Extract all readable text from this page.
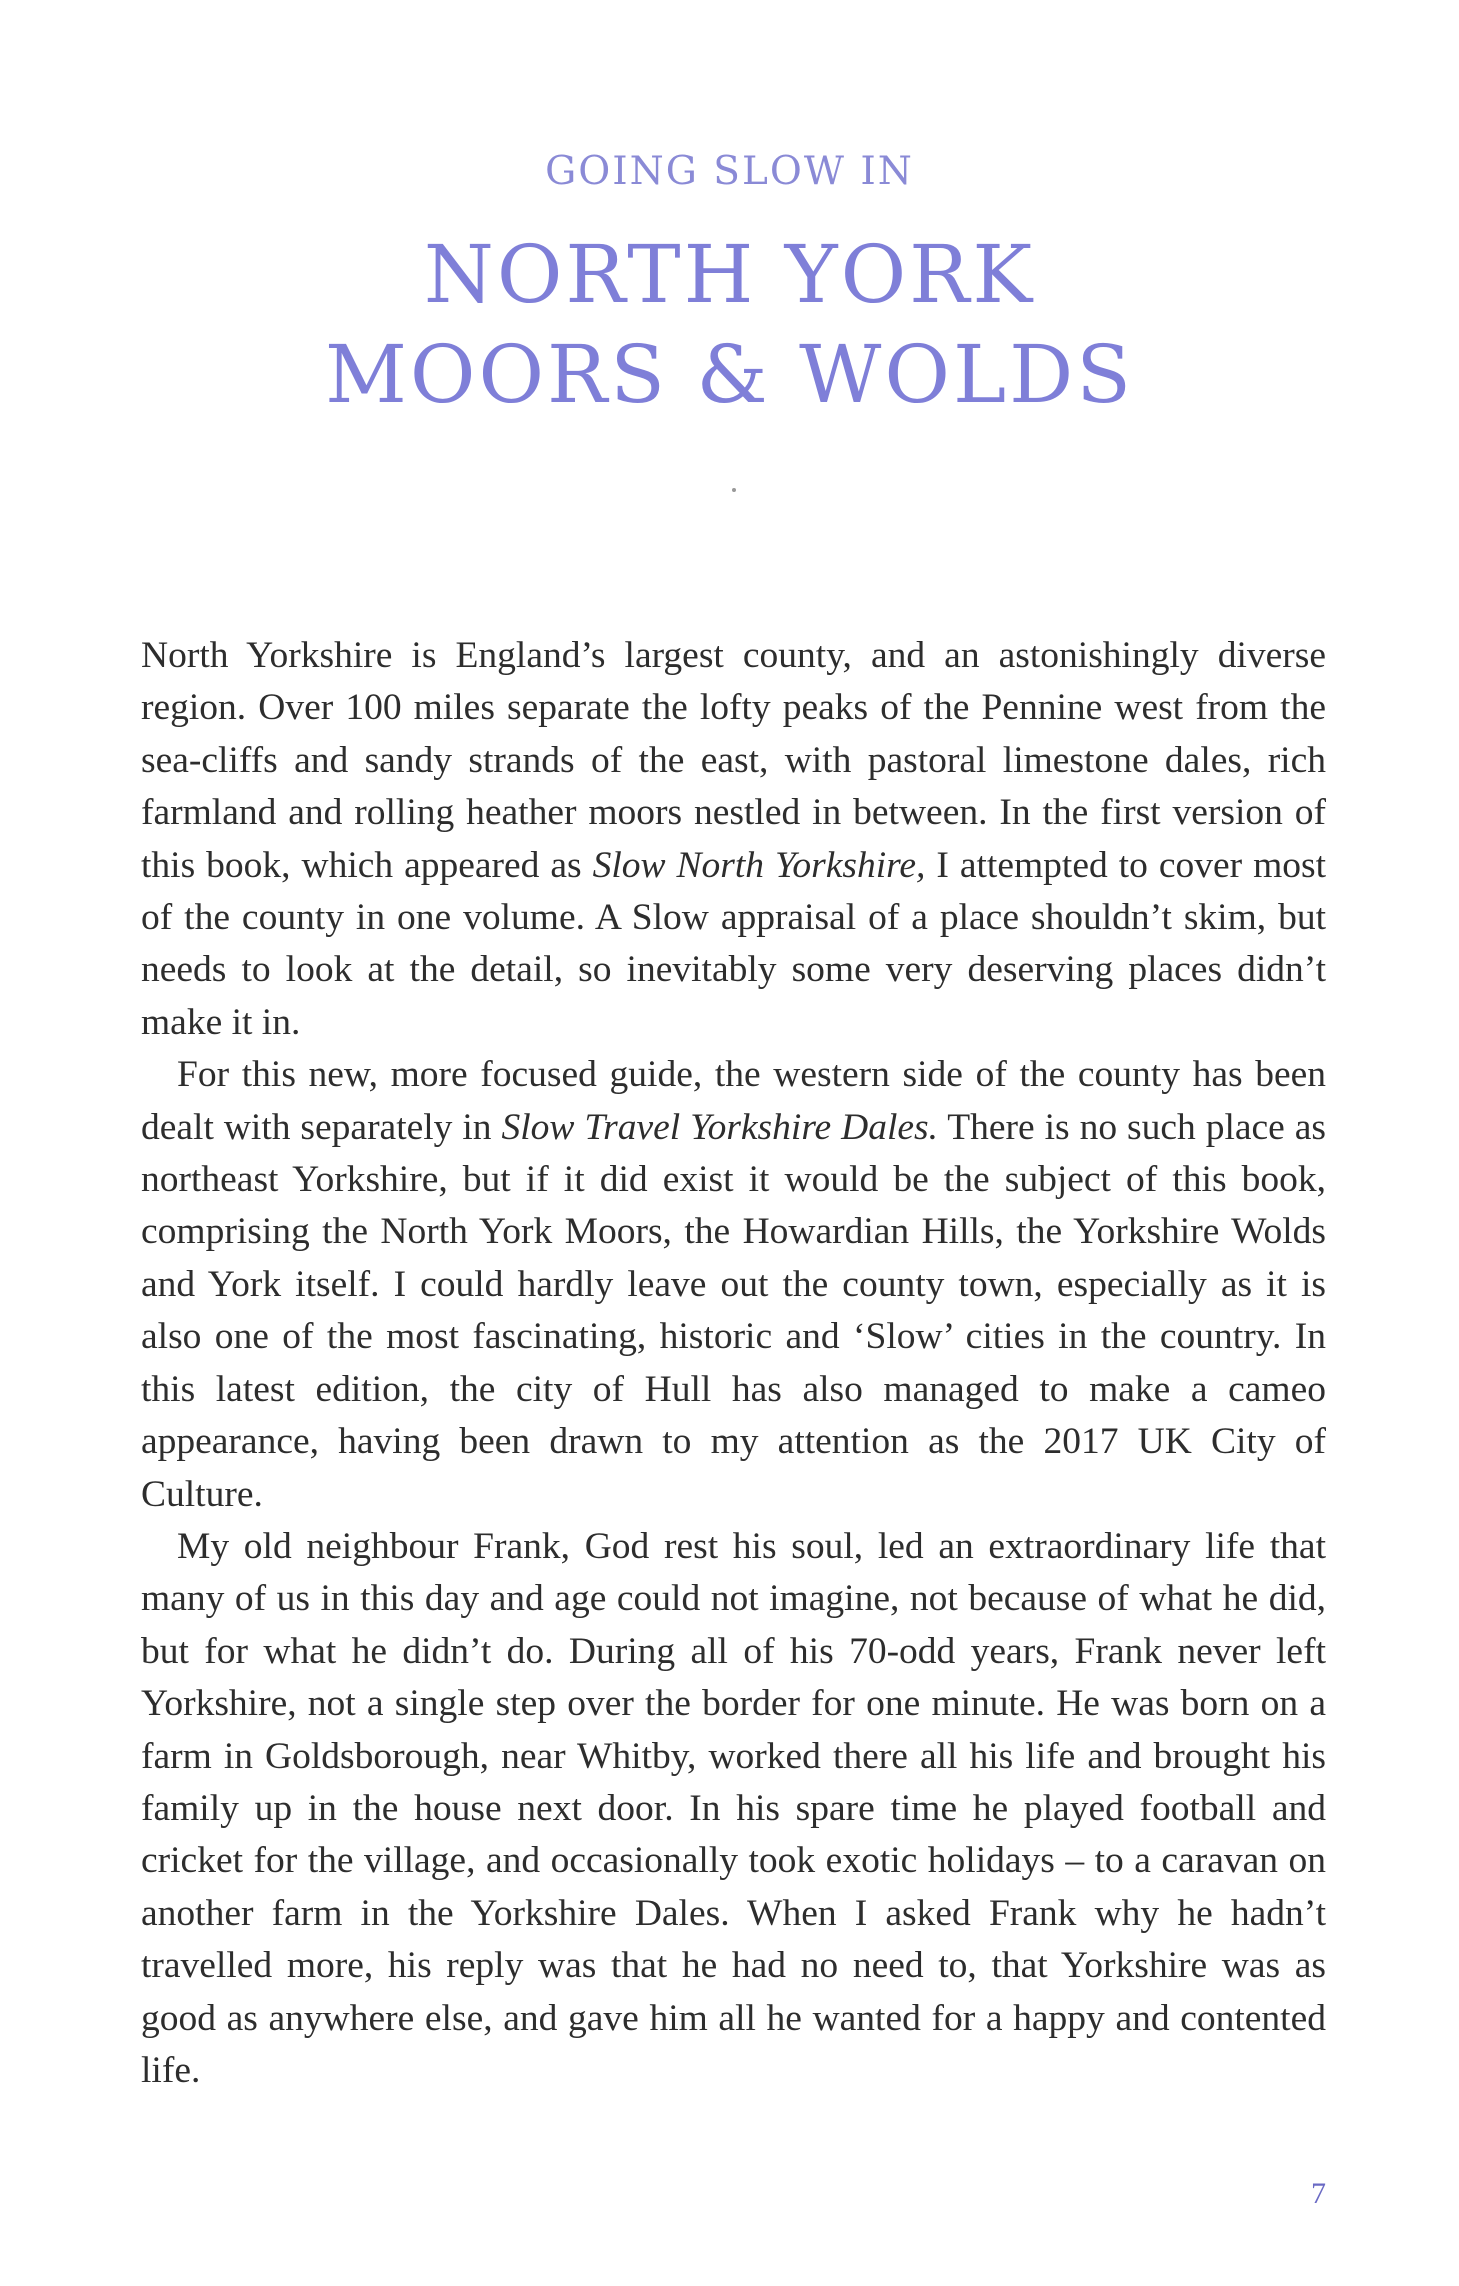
GOING SLOW IN
NORTH YORK
MOORS & WOLDS

North Yorkshire is England’s largest county, and an astonishingly diverse region. Over 100 miles separate the lofty peaks of the Pennine west from the sea-cliffs and sandy strands of the east, with pastoral limestone dales, rich farmland and rolling heather moors nestled in between. In the first version of this book, which appeared as Slow North Yorkshire, I attempted to cover most of the county in one volume. A Slow appraisal of a place shouldn’t skim, but needs to look at the detail, so inevitably some very deserving places didn’t make it in.

For this new, more focused guide, the western side of the county has been dealt with separately in Slow Travel Yorkshire Dales. There is no such place as northeast Yorkshire, but if it did exist it would be the subject of this book, comprising the North York Moors, the Howardian Hills, the Yorkshire Wolds and York itself. I could hardly leave out the county town, especially as it is also one of the most fascinating, historic and ‘Slow’ cities in the country. In this latest edition, the city of Hull has also managed to make a cameo appearance, having been drawn to my attention as the 2017 UK City of Culture.

My old neighbour Frank, God rest his soul, led an extraordinary life that many of us in this day and age could not imagine, not because of what he did, but for what he didn’t do. During all of his 70-odd years, Frank never left Yorkshire, not a single step over the border for one minute. He was born on a farm in Goldsborough, near Whitby, worked there all his life and brought his family up in the house next door. In his spare time he played football and cricket for the village, and occasionally took exotic holidays – to a caravan on another farm in the Yorkshire Dales. When I asked Frank why he hadn’t travelled more, his reply was that he had no need to, that Yorkshire was as good as anywhere else, and gave him all he wanted for a happy and contented life.

7
